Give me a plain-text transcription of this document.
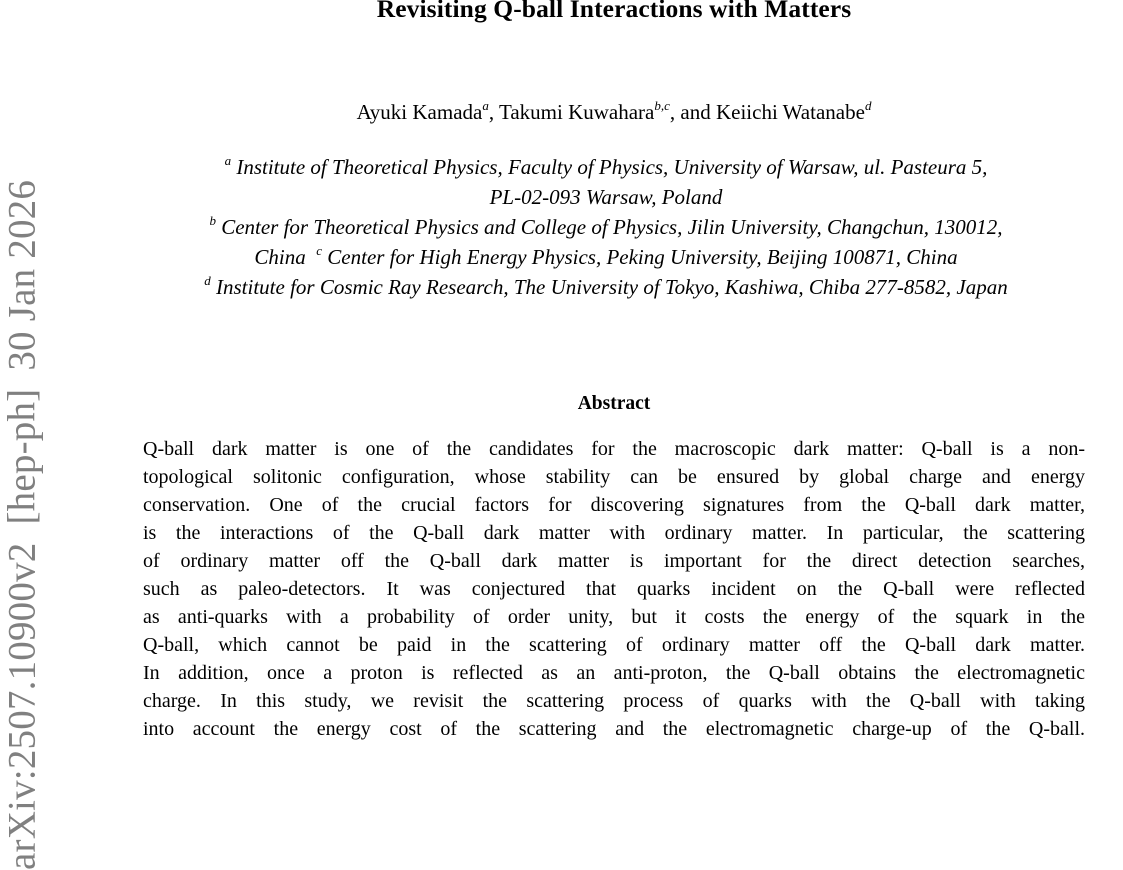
arXiv:2507.10900v2[hep-ph]30 Jan 2026
Revisiting Q-ball Interactions with Matters
Ayuki Kamada$^a$, Takumi Kuwahara$^{b,c}$, and Keiichi Watanabe$^d$
$^a$ Institute of Theoretical Physics, Faculty of Physics, University of Warsaw, ul. Pasteura 5,
PL-02-093 Warsaw, Poland
$^b$ Center for Theoretical Physics and College of Physics, Jilin University, Changchun, 130012,
China $^c$ Center for High Energy Physics, Peking University, Beijing 100871, China
$^d$ Institute for Cosmic Ray Research, The University of Tokyo, Kashiwa, Chiba 277-8582, Japan
Abstract
Q-ball dark matter is one of the candidates for the macroscopic dark matter: Q-ball is a non-
topological solitonic configuration, whose stability can be ensured by global charge and energy
conservation. One of the crucial factors for discovering signatures from the Q-ball dark matter,
is the interactions of the Q-ball dark matter with ordinary matter. In particular, the scattering
of ordinary matter off the Q-ball dark matter is important for the direct detection searches,
such as paleo-detectors. It was conjectured that quarks incident on the Q-ball were reflected
as anti-quarks with a probability of order unity, but it costs the energy of the squark in the
Q-ball, which cannot be paid in the scattering of ordinary matter off the Q-ball dark matter.
In addition, once a proton is reflected as an anti-proton, the Q-ball obtains the electromagnetic
charge. In this study, we revisit the scattering process of quarks with the Q-ball with taking
into account the energy cost of the scattering and the electromagnetic charge-up of the Q-ball.
